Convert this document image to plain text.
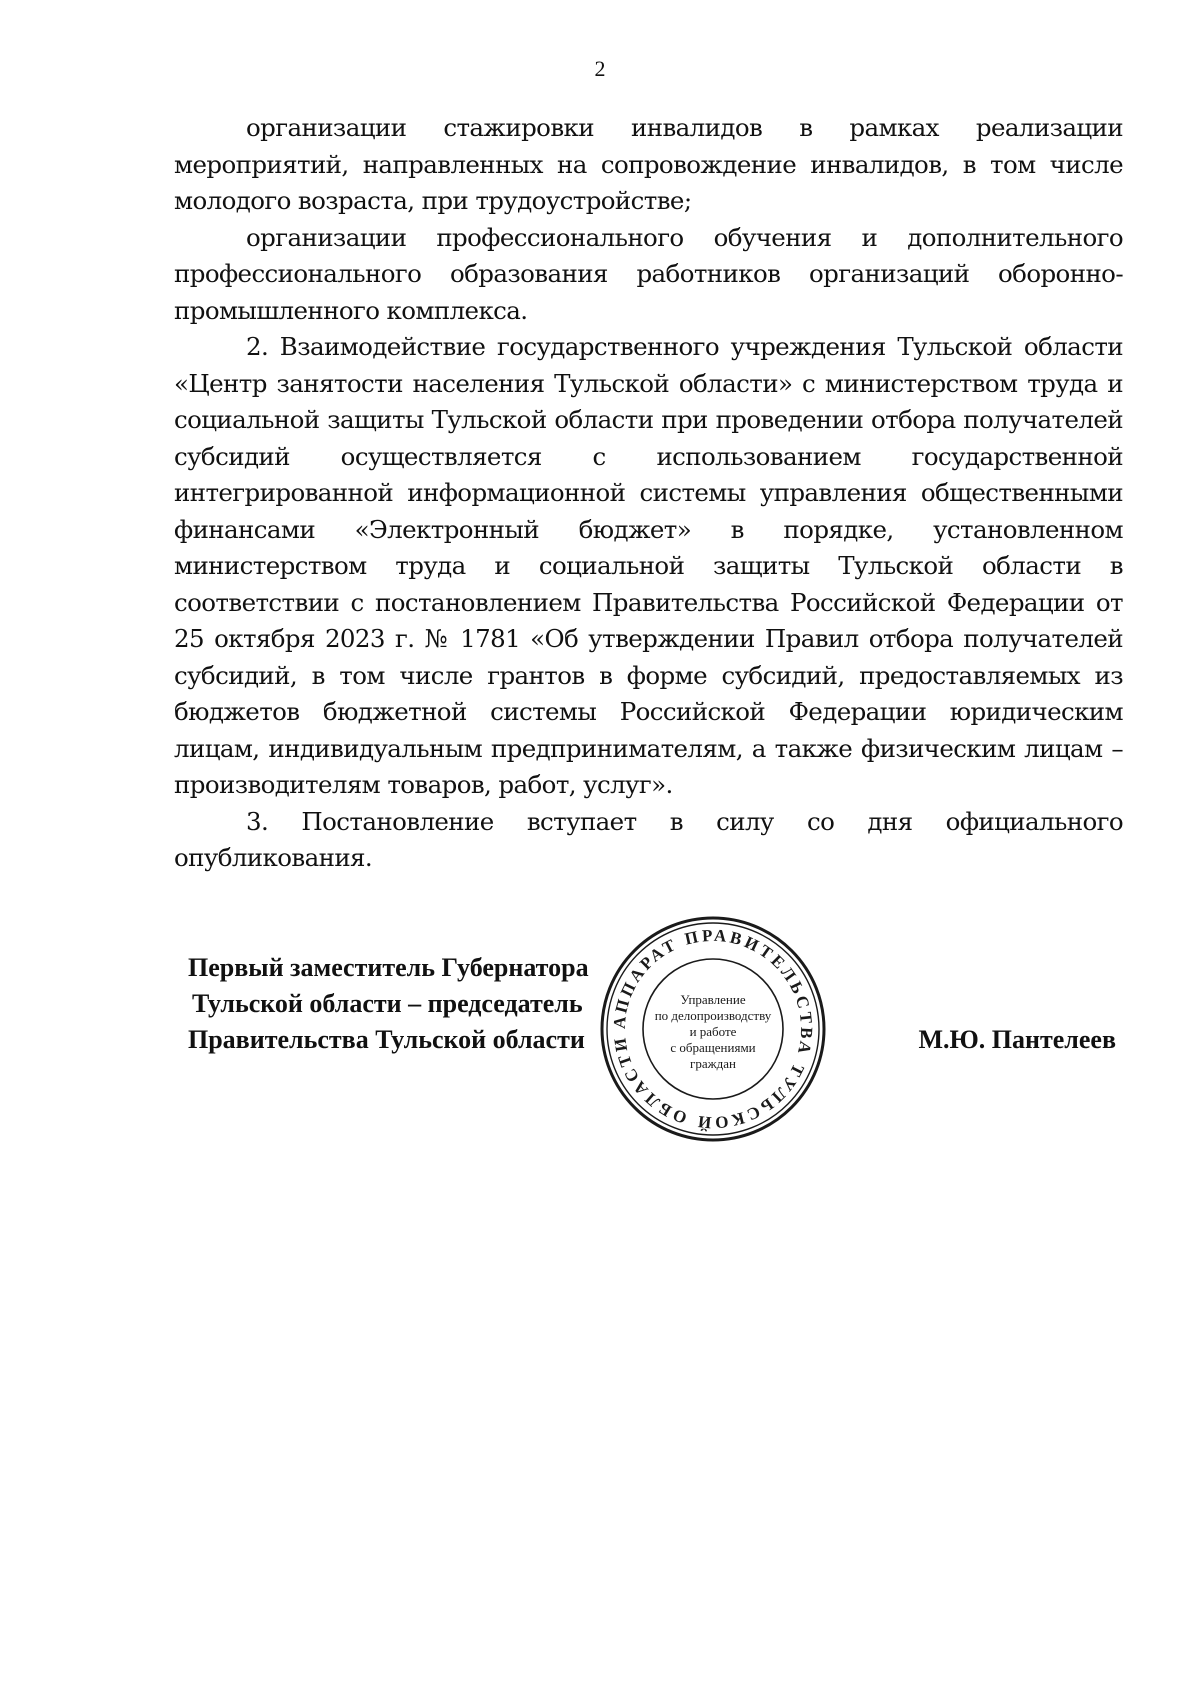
2

организации стажировки инвалидов в рамках реализации мероприятий, направленных на сопровождение инвалидов, в том числе молодого возраста, при трудоустройстве;

организации профессионального обучения и дополнительного профессионального образования работников организаций оборонно-промышленного комплекса.

2. Взаимодействие государственного учреждения Тульской области «Центр занятости населения Тульской области» с министерством труда и социальной защиты Тульской области при проведении отбора получателей субсидий осуществляется с использованием государственной интегрированной информационной системы управления общественными финансами «Электронный бюджет» в порядке, установленном министерством труда и социальной защиты Тульской области в соответствии с постановлением Правительства Российской Федерации от 25 октября 2023 г. № 1781 «Об утверждении Правил отбора получателей субсидий, в том числе грантов в форме субсидий, предоставляемых из бюджетов бюджетной системы Российской Федерации юридическим лицам, индивидуальным предпринимателям, а также физическим лицам – производителям товаров, работ, услуг».

3. Постановление вступает в силу со дня официального опубликования.

Первый заместитель Губернатора
Тульской области – председатель
Правительства Тульской области	М.Ю. Пантелеев
АППАРАТ ПРАВИТЕЛЬСТВА ТУЛЬСКОЙ ОБЛАСТИ
Управление
по делопроизводству
и работе
с обращениями
граждан
